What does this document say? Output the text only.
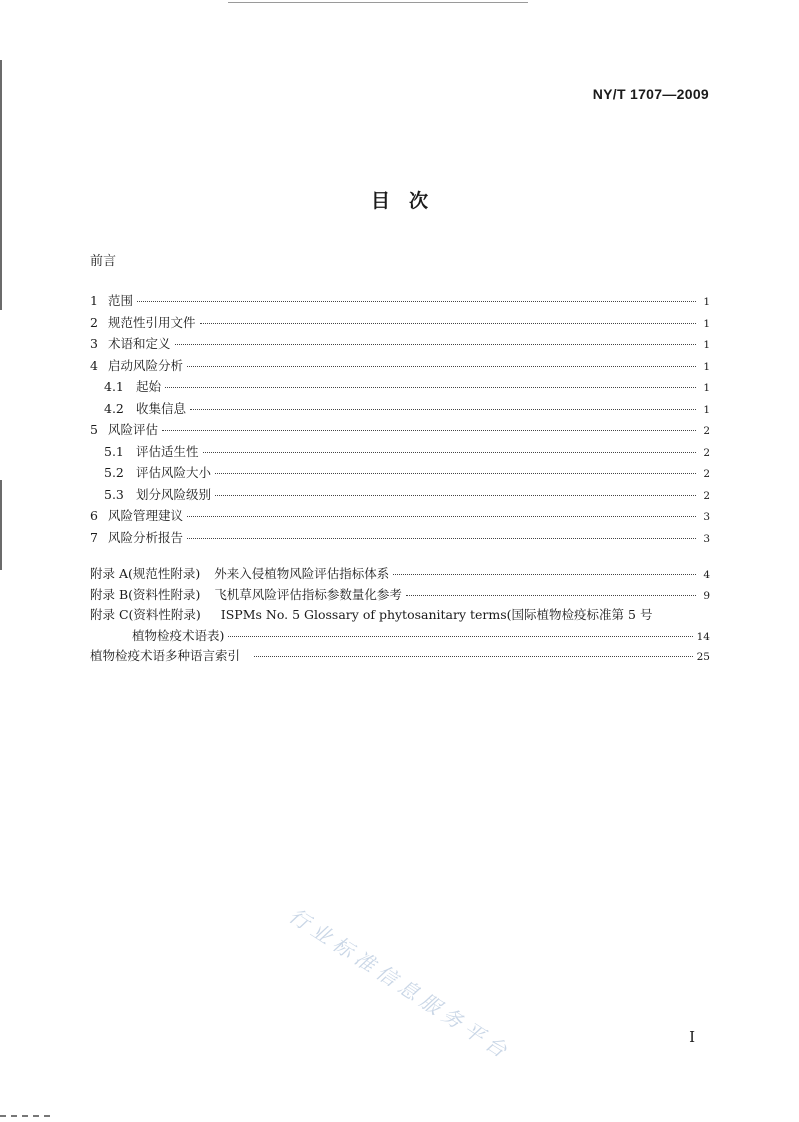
NY/T 1707—2009
目　次
前言
1 范围	1
2 规范性引用文件	1
3 术语和定义	1
4 启动风险分析	1
4.1 起始	1
4.2 收集信息	1
5 风险评估	2
5.1 评估适生性	2
5.2 评估风险大小	2
5.3 划分风险级别	2
6 风险管理建议	3
7 风险分析报告	3
附录 A(规范性附录) 外来入侵植物风险评估指标体系	4
附录 B(资料性附录) 飞机草风险评估指标参数量化参考	9
附录 C(资料性附录) ISPMs No. 5 Glossary of phytosanitary terms(国际植物检疫标准第 5 号
植物检疫术语表)	14
植物检疫术语多种语言索引	25
行业标准信息服务平台	I
